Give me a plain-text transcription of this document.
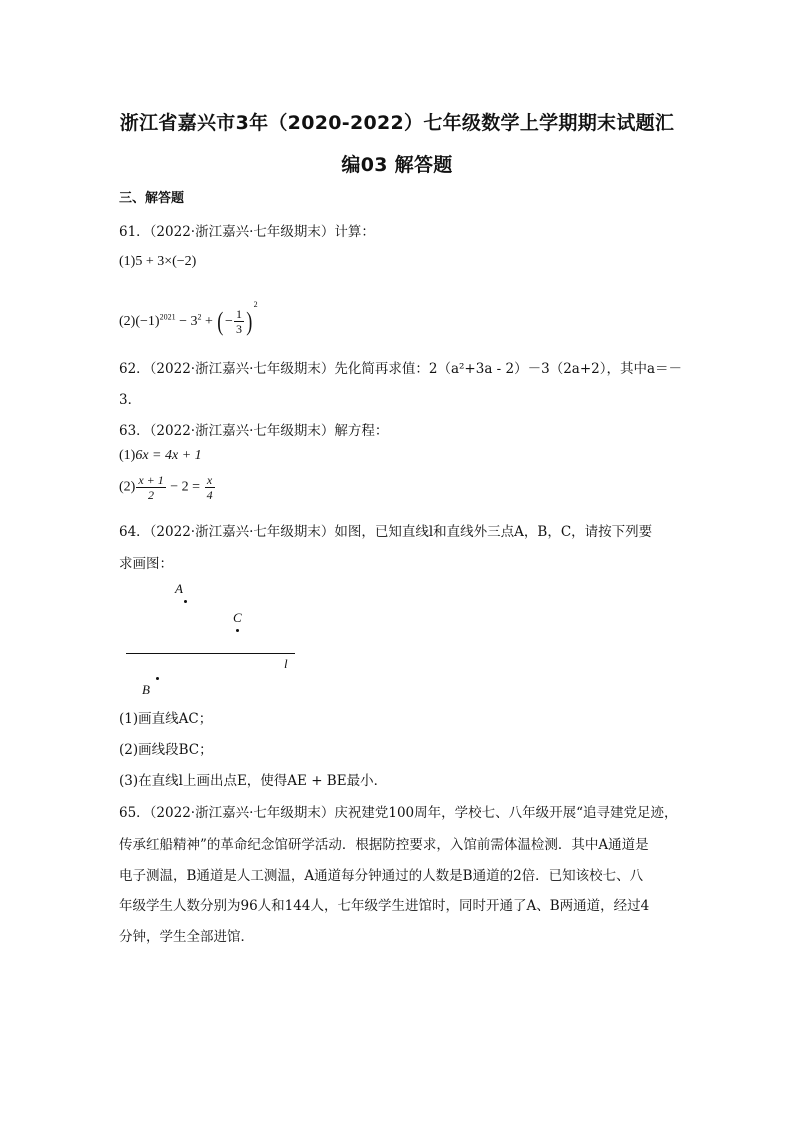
浙江省嘉兴市3年（2020-2022）七年级数学上学期期末试题汇
编03 解答题
三、解答题
61．（2022·浙江嘉兴·七年级期末）计算：
(1)5 + 3×(−2)
$(2)(-1)^{2021} - 3^2$ + (− $\frac{1}{3} )^2$
62．（2022·浙江嘉兴·七年级期末）先化简再求值：2（a²+3a - 2）－3（2a+2），其中a＝－
3．
63．（2022·浙江嘉兴·七年级期末）解方程：
(1)6x = 4x + 1
$(2) \frac{x + 1}{2} - 2 = \frac{x}{4}$
64．（2022·浙江嘉兴·七年级期末）如图，已知直线l和直线外三点A，B，C，请按下列要
求画图：
A
C
l
B
(1)画直线AC；
(2)画线段BC；
(3)在直线l上画出点E，使得AE + BE最小．
65．（2022·浙江嘉兴·七年级期末）庆祝建党100周年，学校七、八年级开展“追寻建党足迹，
传承红船精神”的革命纪念馆研学活动．根据防控要求，入馆前需体温检测．其中A通道是
电子测温，B通道是人工测温，A通道每分钟通过的人数是B通道的2倍．已知该校七、八
年级学生人数分别为96人和144人，七年级学生进馆时，同时开通了A、B两通道，经过4
分钟，学生全部进馆．
